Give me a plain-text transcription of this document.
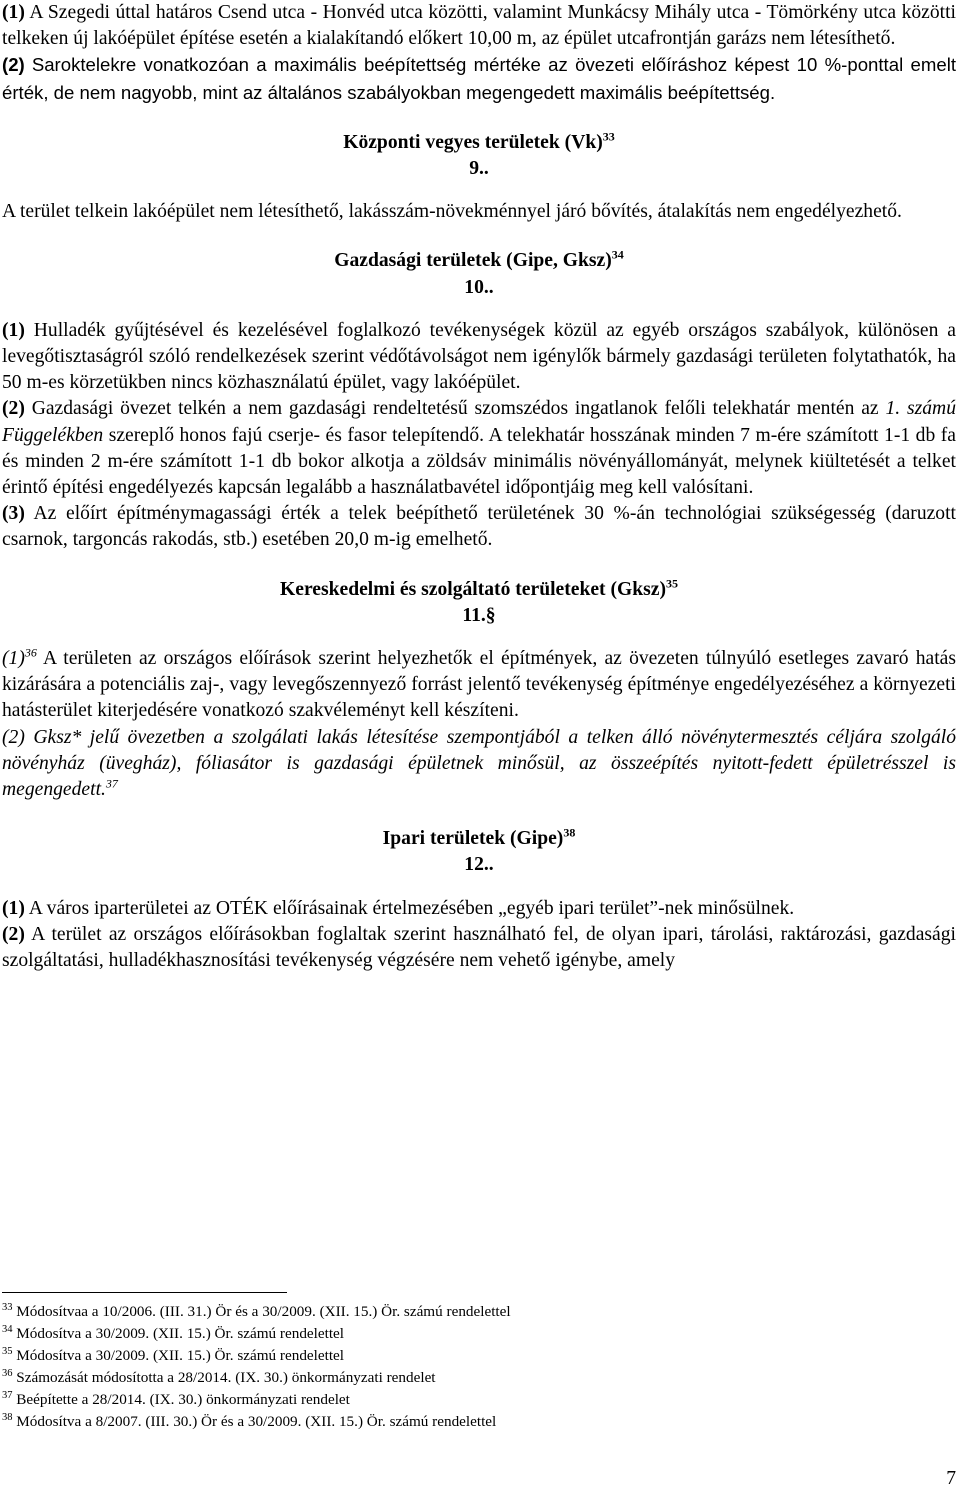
(1) A Szegedi úttal határos Csend utca - Honvéd utca közötti, valamint Munkácsy Mihály utca - Tömörkény utca közötti telkeken új lakóépület építése esetén a kialakítandó előkert 10,00 m, az épület utcafrontján garázs nem létesíthető.

(2) Saroktelekre vonatkozóan a maximális beépítettség mértéke az övezeti előíráshoz képest 10 %-ponttal emelt érték, de nem nagyobb, mint az általános szabályokban megengedett maximális beépítettség.

Központi vegyes területek $(Vk)^{33}$

9..

A terület telkein lakóépület nem létesíthető, lakásszám-növekménnyel járó bővítés, átalakítás nem engedélyezhető.

Gazdasági területek (Gipe, Gksz)$^{34}$

10..

(1) Hulladék gyűjtésével és kezelésével foglalkozó tevékenységek közül az egyéb országos szabályok, különösen a levegőtisztaságról szóló rendelkezések szerint védőtávolságot nem igénylők bármely gazdasági területen folytathatók, ha 50 m-es körzetükben nincs közhasználatú épület, vagy lakóépület.

(2) Gazdasági övezet telkén a nem gazdasági rendeltetésű szomszédos ingatlanok felőli telekhatár mentén az 1. számú Függelékben szereplő honos fajú cserje- és fasor telepítendő. A telekhatár hosszának minden 7 m-ére számított 1-1 db fa és minden 2 m-ére számított 1-1 db bokor alkotja a zöldsáv minimális növényállományát, melynek kiültetését a telket érintő építési engedélyezés kapcsán legalább a használatbavétel időpontjáig meg kell valósítani.

(3) Az előírt építménymagassági érték a telek beépíthető területének 30 %-án technológiai szükségesség (daruzott csarnok, targoncás rakodás, stb.) esetében 20,0 m-ig emelhető.

Kereskedelmi és szolgáltató területeket (Gksz)$^{35}$

11.§

$(1)^{36}$ A területen az országos előírások szerint helyezhetők el építmények, az övezeten túlnyúló esetleges zavaró hatás kizárására a potenciális zaj-, vagy levegőszennyező forrást jelentő tevékenység építménye engedélyezéséhez a környezeti hatásterület kiterjedésére vonatkozó szakvéleményt kell készíteni.

(2) Gksz* jelű övezetben a szolgálati lakás létesítése szempontjából a telken álló növénytermesztés céljára szolgáló növényház (üvegház), fóliasátor is gazdasági épületnek minősül, az összeépítés nyitott-fedett épületrésszel is megengedett.$^{37}$

Ipari területek (Gipe)$^{38}$

12..

(1) A város iparterületei az OTÉK előírásainak értelmezésében „egyéb ipari terület”-nek minősülnek.

(2) A terület az országos előírásokban foglaltak szerint használható fel, de olyan ipari, tárolási, raktározási, gazdasági szolgáltatási, hulladékhasznosítási tevékenység végzésére nem vehető igénybe, amely

$^{33}$ Módosítvaa a 10/2006. (III. 31.) Ör és a 30/2009. (XII. 15.) Ör. számú rendelettel
$^{34}$ Módosítva a 30/2009. (XII. 15.) Ör. számú rendelettel
$^{35}$ Módosítva a 30/2009. (XII. 15.) Ör. számú rendelettel
$^{36}$ Számozását módosította a 28/2014. (IX. 30.) önkormányzati rendelet
$^{37}$ Beépítette a 28/2014. (IX. 30.) önkormányzati rendelet
$^{38}$ Módosítva a 8/2007. (III. 30.) Ör és a 30/2009. (XII. 15.) Ör. számú rendelettel
7
